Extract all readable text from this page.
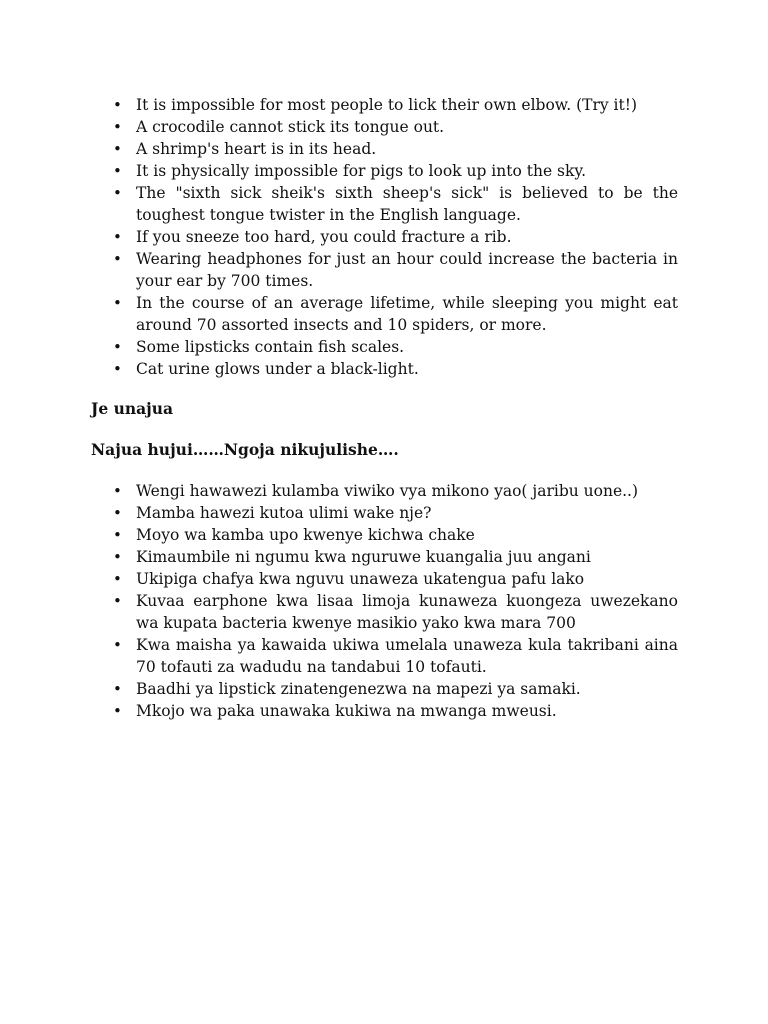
• It is impossible for most people to lick their own elbow. (Try it!)
• A crocodile cannot stick its tongue out.
• A shrimp's heart is in its head.
• It is physically impossible for pigs to look up into the sky.
• The "sixth sick sheik's sixth sheep's sick" is believed to be the toughest tongue twister in the English language.
• If you sneeze too hard, you could fracture a rib.
• Wearing headphones for just an hour could increase the bacteria in your ear by 700 times.
• In the course of an average lifetime, while sleeping you might eat around 70 assorted insects and 10 spiders, or more.
• Some lipsticks contain fish scales.
• Cat urine glows under a black-light.

Je unajua

Najua hujui……Ngoja nikujulishe….

• Wengi hawawezi kulamba viwiko vya mikono yao( jaribu uone..)
• Mamba hawezi kutoa ulimi wake nje?
• Moyo wa kamba upo kwenye kichwa chake
• Kimaumbile ni ngumu kwa nguruwe kuangalia juu angani
• Ukipiga chafya kwa nguvu unaweza ukatengua pafu lako
• Kuvaa earphone kwa lisaa limoja kunaweza kuongeza uwezekano wa kupata bacteria kwenye masikio yako kwa mara 700
• Kwa maisha ya kawaida ukiwa umelala unaweza kula takribani aina 70 tofauti za wadudu na tandabui 10 tofauti.
• Baadhi ya lipstick zinatengenezwa na mapezi ya samaki.
• Mkojo wa paka unawaka kukiwa na mwanga mweusi.
